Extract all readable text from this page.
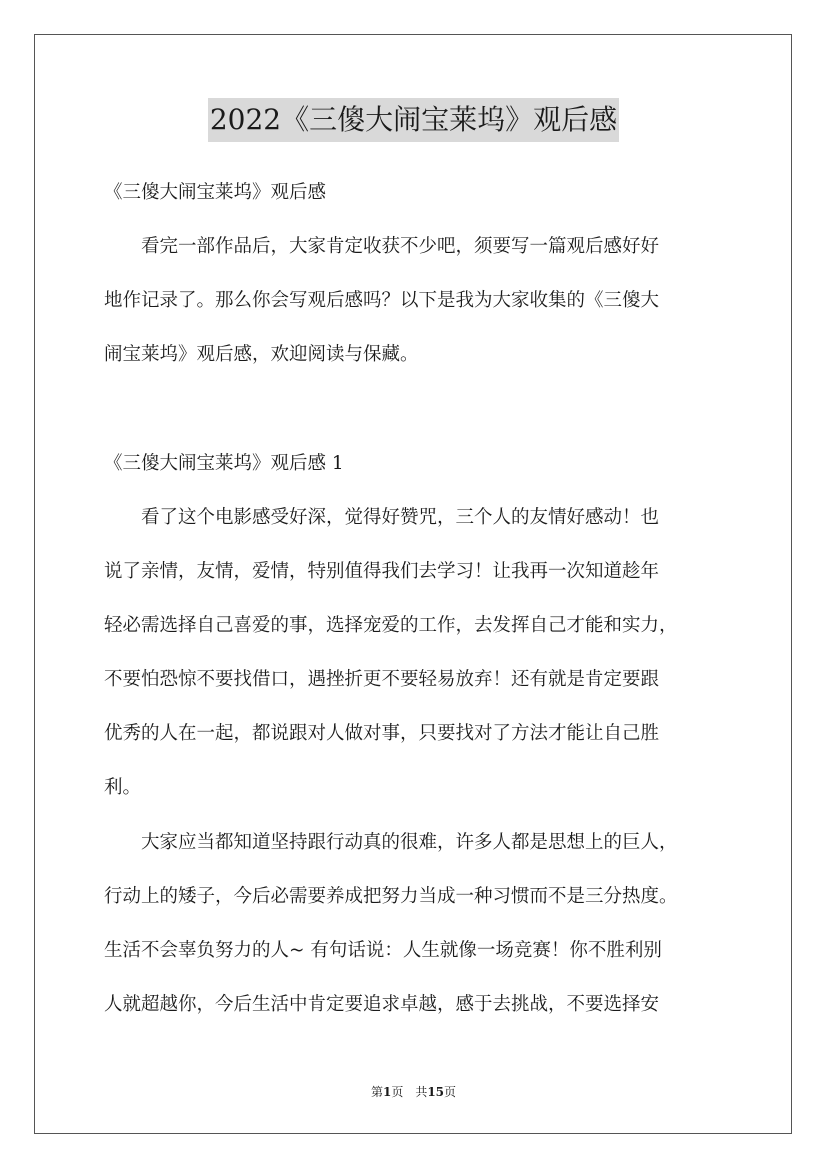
2022《三傻大闹宝莱坞》观后感
《三傻大闹宝莱坞》观后感
　　看完一部作品后，大家肯定收获不少吧，须要写一篇观后感好好
地作记录了。那么你会写观后感吗？以下是我为大家收集的《三傻大
闹宝莱坞》观后感，欢迎阅读与保藏。
《三傻大闹宝莱坞》观后感 1
　　看了这个电影感受好深，觉得好赞咒，三个人的友情好感动！也
说了亲情，友情，爱情，特别值得我们去学习！让我再一次知道趁年
轻必需选择自己喜爱的事，选择宠爱的工作，去发挥自己才能和实力，
不要怕恐惊不要找借口，遇挫折更不要轻易放弃！还有就是肯定要跟
优秀的人在一起，都说跟对人做对事，只要找对了方法才能让自己胜
利。
　　大家应当都知道坚持跟行动真的很难，许多人都是思想上的巨人，
行动上的矮子，今后必需要养成把努力当成一种习惯而不是三分热度。
生活不会辜负努力的人~ 有句话说：人生就像一场竞赛！你不胜利别
人就超越你，今后生活中肯定要追求卓越，感于去挑战，不要选择安
第1页　共15页
